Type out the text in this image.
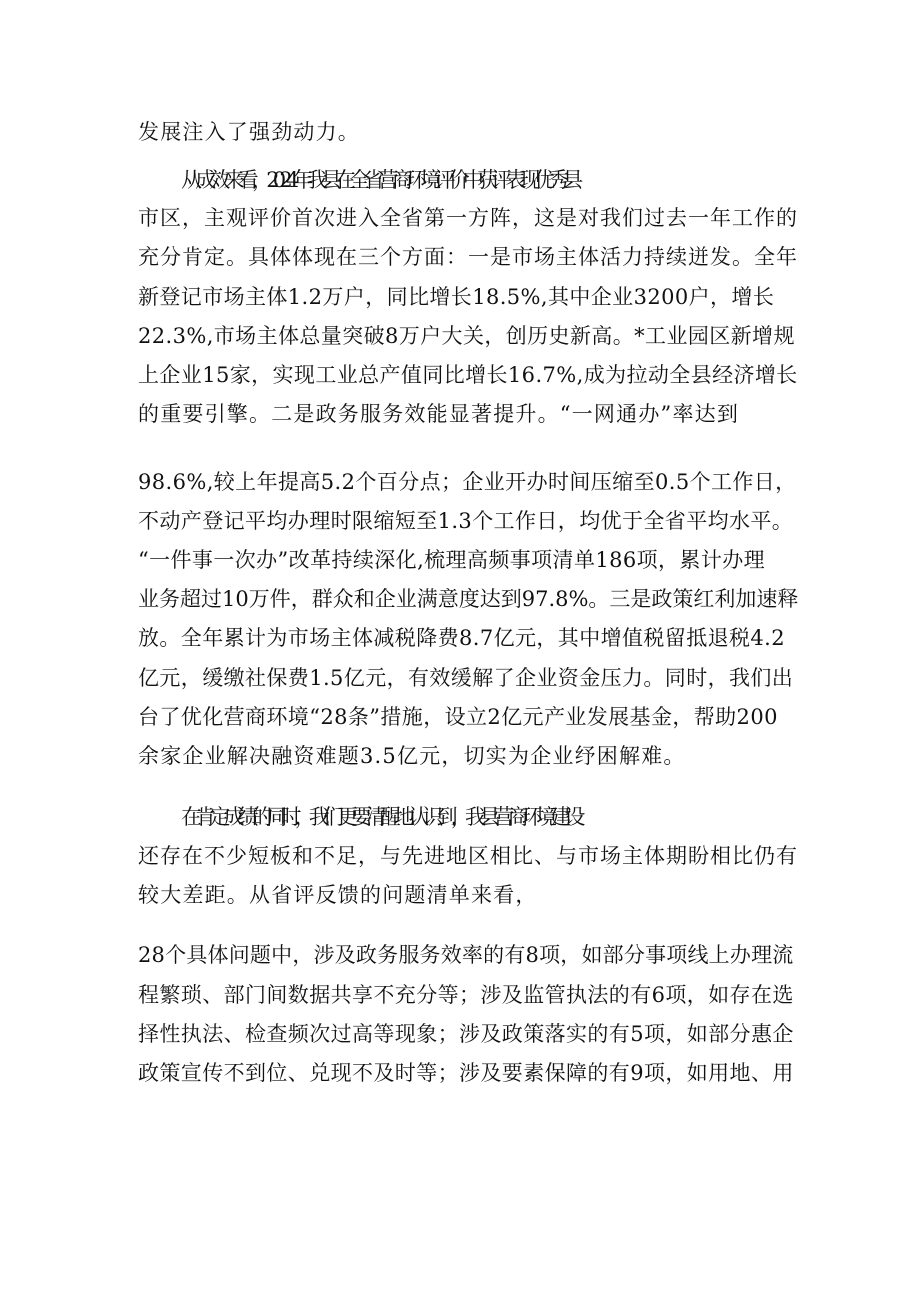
发展注入了强劲动力。
从成效来看，2024年我县在全省营商环境评价中获评表现优秀县
市区，主观评价首次进入全省第一方阵，这是对我们过去一年工作的
充分肯定。具体体现在三个方面：一是市场主体活力持续迸发。全年
新登记市场主体1.2万户，同比增长18.5%,其中企业3200户，增长
22.3%,市场主体总量突破8万户大关，创历史新高。*工业园区新增规
上企业15家，实现工业总产值同比增长16.7%,成为拉动全县经济增长
的重要引擎。二是政务服务效能显著提升。“一网通办”率达到
98.6%,较上年提高5.2个百分点；企业开办时间压缩至0.5个工作日，
不动产登记平均办理时限缩短至1.3个工作日，均优于全省平均水平。
“一件事一次办”改革持续深化,梳理高频事项清单186项，累计办理
业务超过10万件，群众和企业满意度达到97.8%。三是政策红利加速释
放。全年累计为市场主体减税降费8.7亿元，其中增值税留抵退税4.2
亿元，缓缴社保费1.5亿元，有效缓解了企业资金压力。同时，我们出
台了优化营商环境“28条”措施，设立2亿元产业发展基金，帮助200
余家企业解决融资难题3.5亿元，切实为企业纾困解难。
在肯定成绩的同时，我们更要清醒地认识到，我县营商环境建设
还存在不少短板和不足，与先进地区相比、与市场主体期盼相比仍有
较大差距。从省评反馈的问题清单来看，
28个具体问题中，涉及政务服务效率的有8项，如部分事项线上办理流
程繁琐、部门间数据共享不充分等；涉及监管执法的有6项，如存在选
择性执法、检查频次过高等现象；涉及政策落实的有5项，如部分惠企
政策宣传不到位、兑现不及时等；涉及要素保障的有9项，如用地、用
